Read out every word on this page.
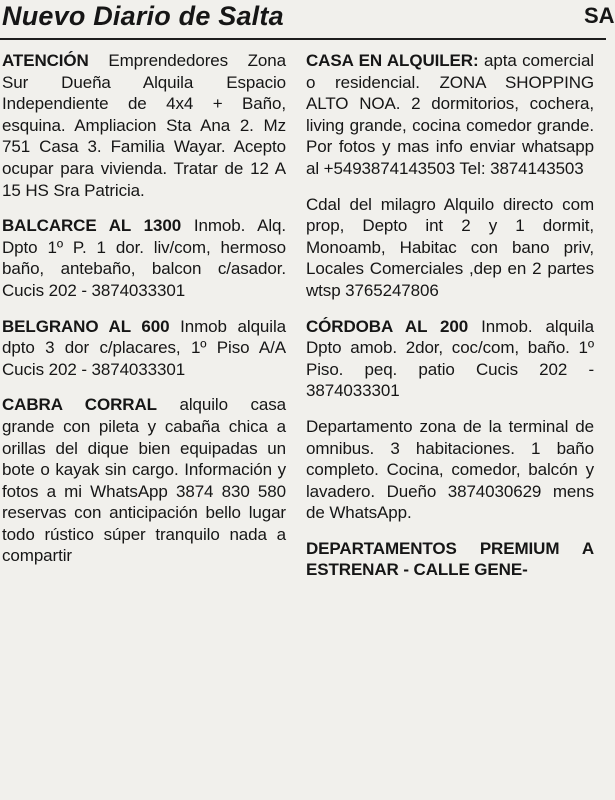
Nuevo Diario de Salta	SA

ATENCIÓN Emprendedores Zona Sur Dueña Alquila Espacio Independiente de 4x4 + Baño, esquina. Ampliacion Sta Ana 2. Mz 751 Casa 3. Familia Wayar. Acepto ocupar para vivienda. Tratar de 12 A 15 HS Sra Patricia.

BALCARCE AL 1300 Inmob. Alq. Dpto 1º P. 1 dor. liv/com, hermoso baño, antebaño, balcon c/asador. Cucis 202 - 3874033301

BELGRANO AL 600 Inmob alquila dpto 3 dor c/placares, 1º Piso A/A Cucis 202 - 3874033301

CABRA CORRAL alquilo casa grande con pileta y cabaña chica a orillas del dique bien equipadas un bote o kayak sin cargo. Información y fotos a mi WhatsApp 3874 830 580 reservas con anticipación bello lugar todo rústico súper tranquilo nada a compartir

CASA EN ALQUILER: apta comercial o residencial. ZONA SHOPPING ALTO NOA. 2 dormitorios, cochera, living grande, cocina comedor grande. Por fotos y mas info enviar whatsapp al +5493874143503 Tel: 3874143503

Cdal del milagro Alquilo directo com prop, Depto int 2 y 1 dormit, Monoamb, Habitac con bano priv, Locales Comerciales ,dep en 2 partes wtsp 3765247806

CÓRDOBA AL 200 Inmob. alquila Dpto amob. 2dor, coc/com, baño. 1º Piso. peq. patio Cucis 202 - 3874033301

Departamento zona de la terminal de omnibus. 3 habitaciones. 1 baño completo. Cocina, comedor, balcón y lavadero. Dueño 3874030629 mens de WhatsApp.

DEPARTAMENTOS PREMIUM A ESTRENAR - CALLE GENE-
